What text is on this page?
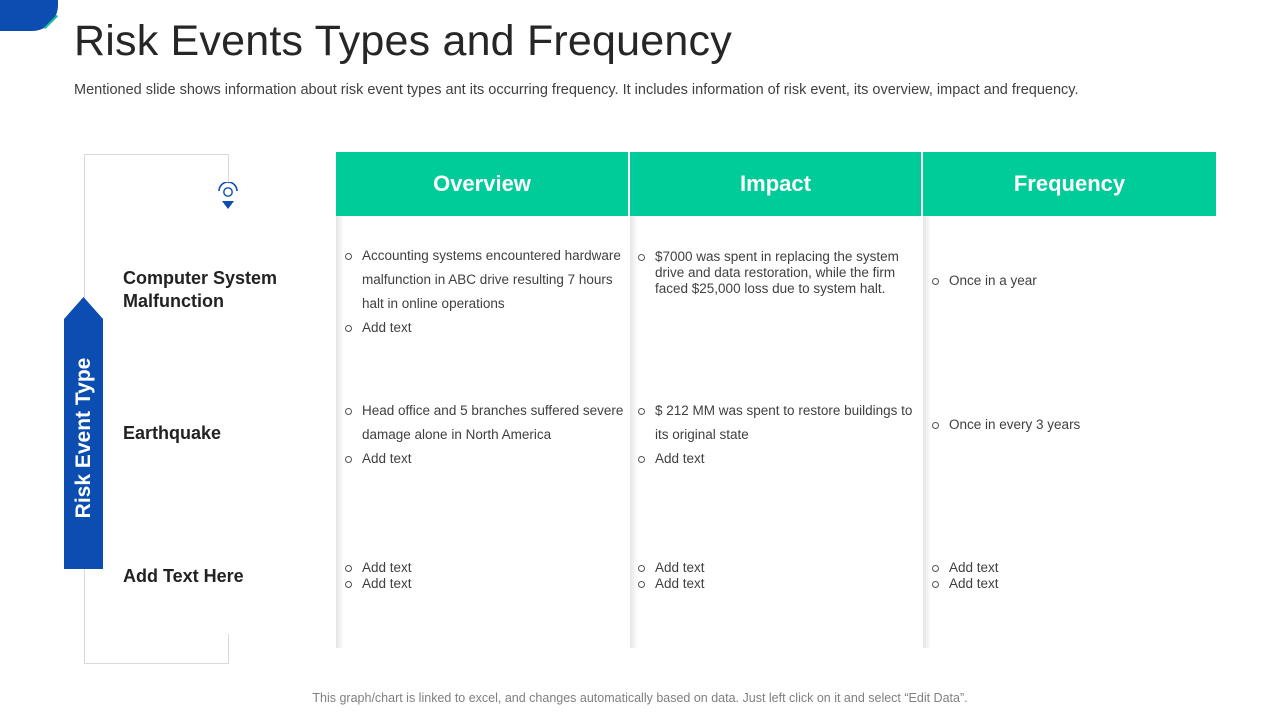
Risk Events Types and Frequency
Mentioned slide shows information about risk event types ant its occurring frequency. It includes information of risk event, its overview, impact and frequency.
Risk Event Type
Computer System Malfunction
Earthquake
Add Text Here
Overview	Impact	Frequency
Accounting systems encountered hardware malfunction in ABC drive resulting 7 hours halt in online operations
Add text
$7000 was spent in replacing the system drive and data restoration, while the firm faced $25,000 loss due to system halt.
Once in a year
Head office and 5 branches suffered severe damage alone in North America
Add text
$ 212 MM was spent to restore buildings to its original state
Add text
Once in every 3 years
Add text
Add text
Add text
Add text
Add text
Add text
This graph/chart is linked to excel, and changes automatically based on data. Just left click on it and select “Edit Data”.
